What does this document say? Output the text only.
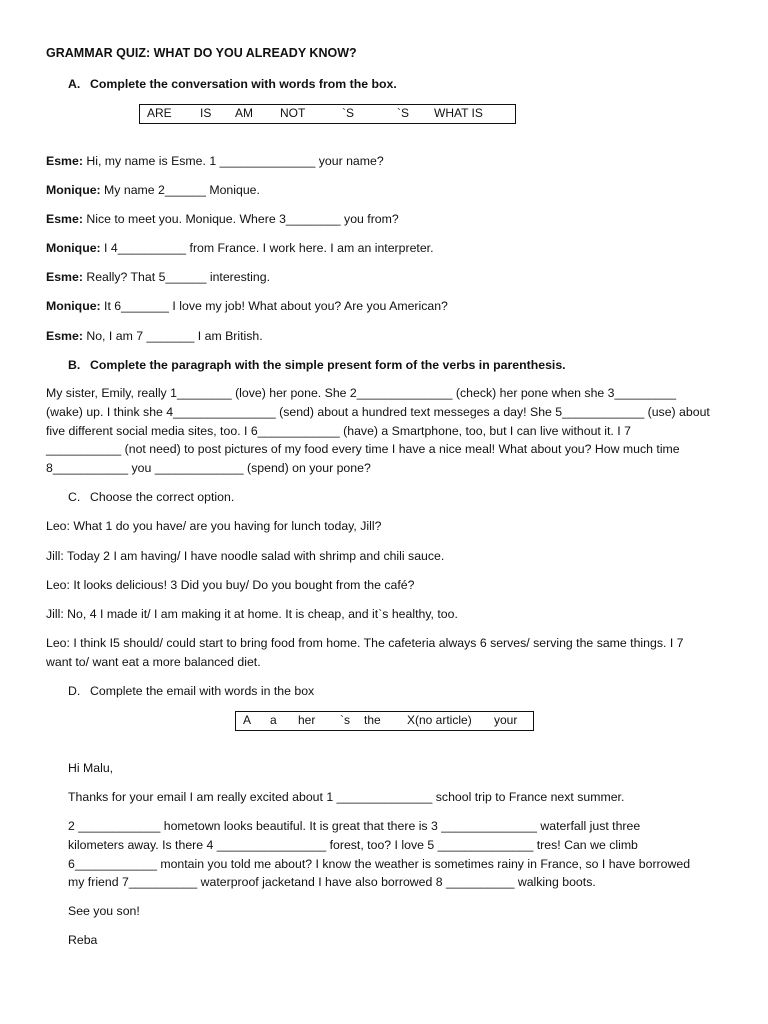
GRAMMAR QUIZ: WHAT DO YOU ALREADY KNOW?
A. Complete the conversation with words from the box.
ARE IS AM NOT	`S	`S WHAT IS
Esme: Hi, my name is Esme. 1 ______________ your name?
Monique: My name 2______ Monique.
Esme: Nice to meet you. Monique. Where 3________ you from?
Monique: I 4__________ from France. I work here. I am an interpreter.
Esme: Really? That 5______ interesting.
Monique: It 6_______ I love my job! What about you? Are you American?
Esme: No, I am 7 _______ I am British.
B. Complete the paragraph with the simple present form of the verbs in parenthesis.
My sister, Emily, really 1________ (love) her pone. She 2______________ (check) her pone when she 3_________
(wake) up. I think she 4_______________ (send) about a hundred text messeges a day! She 5____________ (use) about
five different social media sites, too. I 6____________ (have) a Smartphone, too, but I can live without it. I 7
___________ (not need) to post pictures of my food every time I have a nice meal! What about you? How much time
8___________ you _____________ (spend) on your pone?
C. Choose the correct option.
Leo: What 1 do you have/ are you having for lunch today, Jill?
Jill: Today 2 I am having/ I have noodle salad with shrimp and chili sauce.
Leo: It looks delicious! 3 Did you buy/ Do you bought from the café?
Jill: No, 4 I made it/ I am making it at home. It is cheap, and it`s healthy, too.
Leo: I think I5 should/ could start to bring food from home. The cafeteria always 6 serves/ serving the same things. I 7
want to/ want eat a more balanced diet.
D. Complete the email with words in the box
A a her `s the X(no article) your
Hi Malu,
Thanks for your email I am really excited about 1 ______________ school trip to France next summer.
2 ____________ hometown looks beautiful. It is great that there is 3 ______________ waterfall just three
kilometers away. Is there 4 ________________ forest, too? I love 5 ______________ tres! Can we climb
6____________ montain you told me about? I know the weather is sometimes rainy in France, so I have borrowed
my friend 7__________ waterproof jacketand I have also borrowed 8 __________ walking boots.
See you son!
Reba
